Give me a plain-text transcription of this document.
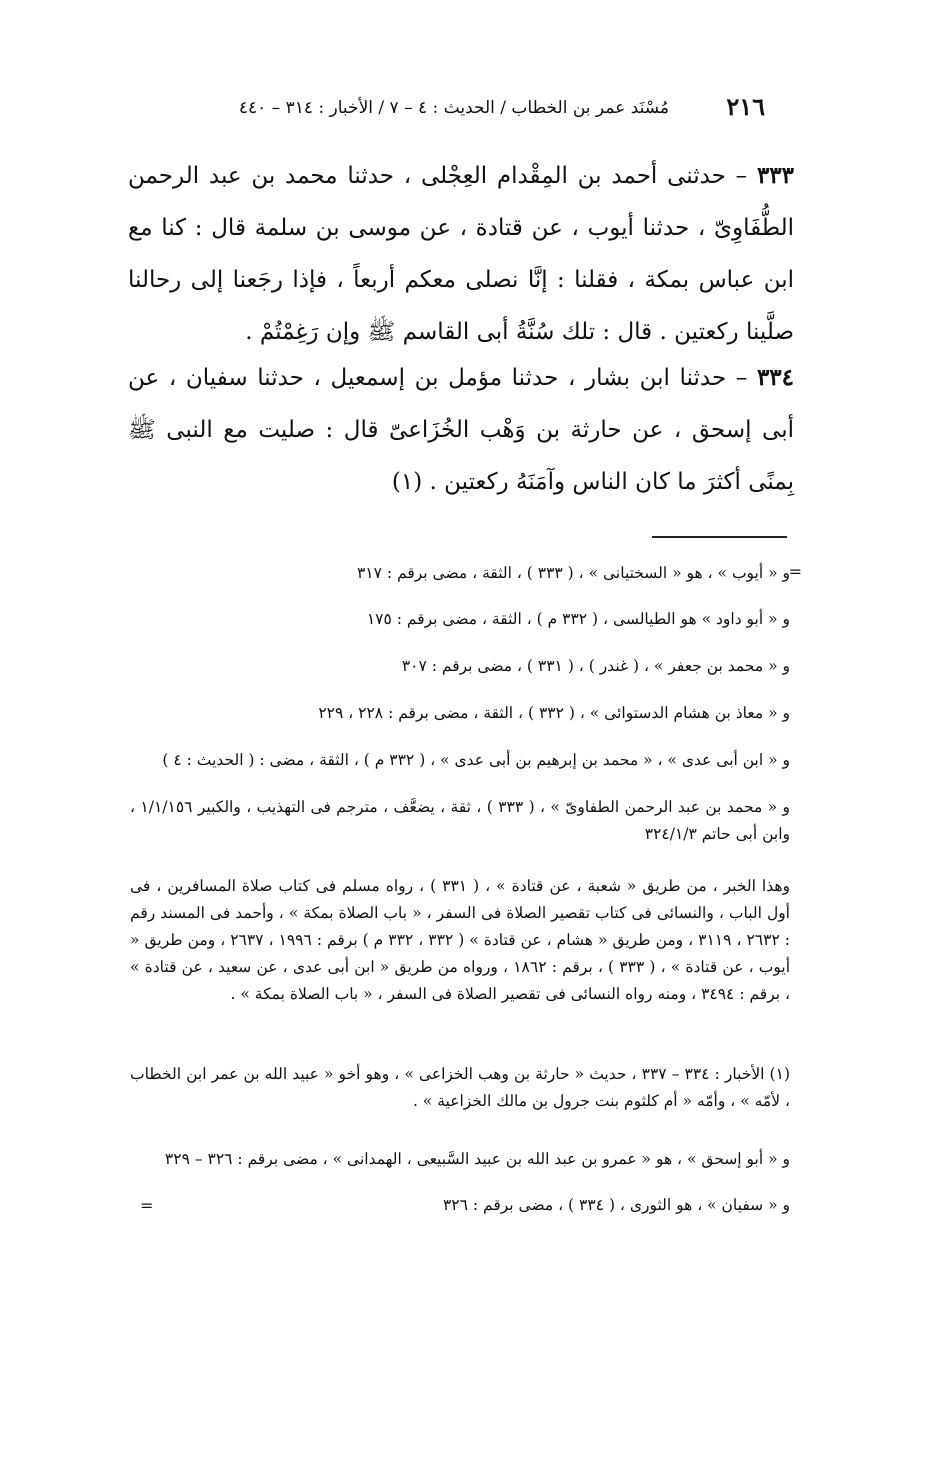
٢١٦
مُسْنَد عمر بن الخطاب / الحديث : ٤ – ٧ / الأخبار : ٣١٤ – ٤٤٠

٣٣٣ – حدثنى أحمد بن المِقْدام العِجْلى ، حدثنا محمد بن عبد الرحمن الطُّفَاوِىّ ، حدثنا أيوب ، عن قتادة ، عن موسى بن سلمة قال : كنا مع ابن عباس بمكة ، فقلنا : إنَّا نصلى معكم أربعاً ، فإذا رجَعنا إلى رحالنا صلَّينا ركعتين . قال : تلك سُنَّةُ أبى القاسم ﷺ وإن رَغِمْتُمْ .

٣٣٤ – حدثنا ابن بشار ، حدثنا مؤمل بن إسمعيل ، حدثنا سفيان ، عن أبى إسحق ، عن حارثة بن وَهْب الخُزَاعىّ قال : صليت مع النبى ﷺ بِمنًى أكثرَ ما كان الناس وآمَنَهُ ركعتين . (١)

=
و « أيوب » ، هو « السختيانى » ، ( ٣٣٣ ) ، الثقة ، مضى برقم : ٣١٧
و « أبو داود » هو الطيالسى ، ( ٣٣٢ م ) ، الثقة ، مضى برقم : ١٧٥
و « محمد بن جعفر » ، ( غندر ) ، ( ٣٣١ ) ، مضى برقم : ٣٠٧
و « معاذ بن هشام الدستوائى » ، ( ٣٣٢ ) ، الثقة ، مضى برقم : ٢٢٨ ، ٢٢٩
و « ابن أبى عدى » ، « محمد بن إبرهيم بن أبى عدى » ، ( ٣٣٢ م ) ، الثقة ، مضى : ( الحديث : ٤ )

و « محمد بن عبد الرحمن الطفاوىّ » ، ( ٣٣٣ ) ، ثقة ، يضعَّف ، مترجم فى التهذيب ، والكبير ١/١/١٥٦ ، وابن أبى حاتم ٣٢٤/١/٣

وهذا الخبر ، من طريق « شعبة ، عن قتادة » ، ( ٣٣١ ) ، رواه مسلم فى كتاب صلاة المسافرين ، فى أول الباب ، والنسائى فى كتاب تقصير الصلاة فى السفر ، « باب الصلاة بمكة » ، وأحمد فى المسند رقم : ٢٦٣٢ ، ٣١١٩ ، ومن طريق « هشام ، عن قتادة » ( ٣٣٢ ، ٣٣٢ م ) برقم : ١٩٩٦ ، ٢٦٣٧ ، ومن طريق « أيوب ، عن قتادة » ، ( ٣٣٣ ) ، برقم : ١٨٦٢ ، ورواه من طريق « ابن أبى عدى ، عن سعيد ، عن قتادة » ، برقم : ٣٤٩٤ ، ومنه رواه النسائى فى تقصير الصلاة فى السفر ، « باب الصلاة بمكة » .

(١) الأخبار : ٣٣٤ – ٣٣٧ ، حديث « حارثة بن وهب الخزاعى » ، وهو أخو « عبيد الله بن عمر ابن الخطاب ، لأمّه » ، وأمّه « أم كلثوم بنت جرول بن مالك الخزاعية » .

و « أبو إسحق » ، هو « عمرو بن عبد الله بن عبيد السَّبيعى ، الهمدانى » ، مضى برقم : ٣٢٦ – ٣٢٩
و « سفيان » ، هو الثورى ، ( ٣٣٤ ) ، مضى برقم : ٣٢٦
=
